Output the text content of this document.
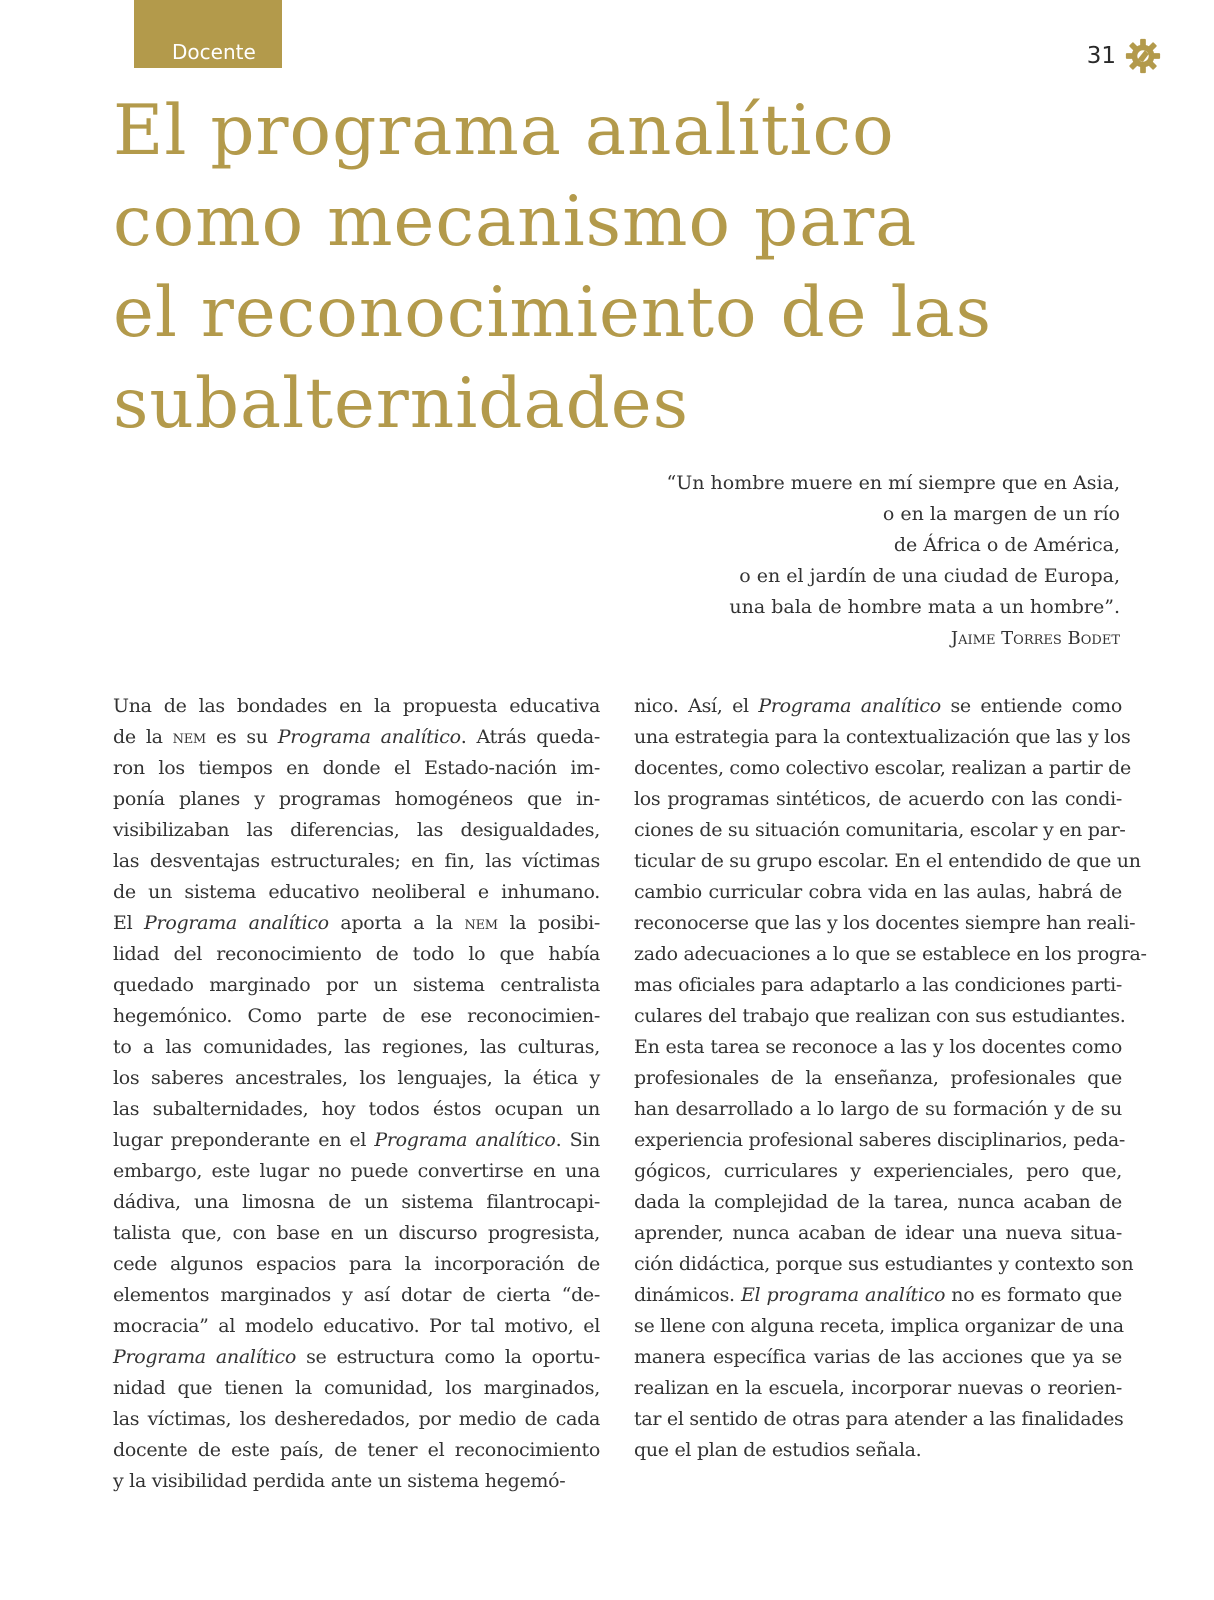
Docente	31
El programa analítico
como mecanismo para
el reconocimiento de las
subalternidades
“Un hombre muere en mí siempre que en Asia,
o en la margen de un río
de África o de América,
o en el jardín de una ciudad de Europa,
una bala de hombre mata a un hombre”.
Jaime Torres Bodet
Una de las bondades en la propuesta educativa
de la nem es su Programa analítico. Atrás queda-
ron los tiempos en donde el Estado-nación im-
ponía planes y programas homogéneos que in-
visibilizaban las diferencias, las desigualdades,
las desventajas estructurales; en fin, las víctimas
de un sistema educativo neoliberal e inhumano.
El Programa analítico aporta a la nem la posibi-
lidad del reconocimiento de todo lo que había
quedado marginado por un sistema centralista
hegemónico. Como parte de ese reconocimien-
to a las comunidades, las regiones, las culturas,
los saberes ancestrales, los lenguajes, la ética y
las subalternidades, hoy todos éstos ocupan un
lugar preponderante en el Programa analítico. Sin
embargo, este lugar no puede convertirse en una
dádiva, una limosna de un sistema filantrocapi-
talista que, con base en un discurso progresista,
cede algunos espacios para la incorporación de
elementos marginados y así dotar de cierta “de-
mocracia” al modelo educativo. Por tal motivo, el
Programa analítico se estructura como la oportu-
nidad que tienen la comunidad, los marginados,
las víctimas, los desheredados, por medio de cada
docente de este país, de tener el reconocimiento
y la visibilidad perdida ante un sistema hegemó-
nico. Así, el Programa analítico se entiende como
una estrategia para la contextualización que las y los
docentes, como colectivo escolar, realizan a partir de
los programas sintéticos, de acuerdo con las condi-
ciones de su situación comunitaria, escolar y en par-
ticular de su grupo escolar. En el entendido de que un
cambio curricular cobra vida en las aulas, habrá de
reconocerse que las y los docentes siempre han reali-
zado adecuaciones a lo que se establece en los progra-
mas oficiales para adaptarlo a las condiciones parti-
culares del trabajo que realizan con sus estudiantes.
En esta tarea se reconoce a las y los docentes como
profesionales de la enseñanza, profesionales que
han desarrollado a lo largo de su formación y de su
experiencia profesional saberes disciplinarios, peda-
gógicos, curriculares y experienciales, pero que,
dada la complejidad de la tarea, nunca acaban de
aprender, nunca acaban de idear una nueva situa-
ción didáctica, porque sus estudiantes y contexto son
dinámicos. El programa analítico no es formato que
se llene con alguna receta, implica organizar de una
manera específica varias de las acciones que ya se
realizan en la escuela, incorporar nuevas o reorien-
tar el sentido de otras para atender a las finalidades
que el plan de estudios señala.
